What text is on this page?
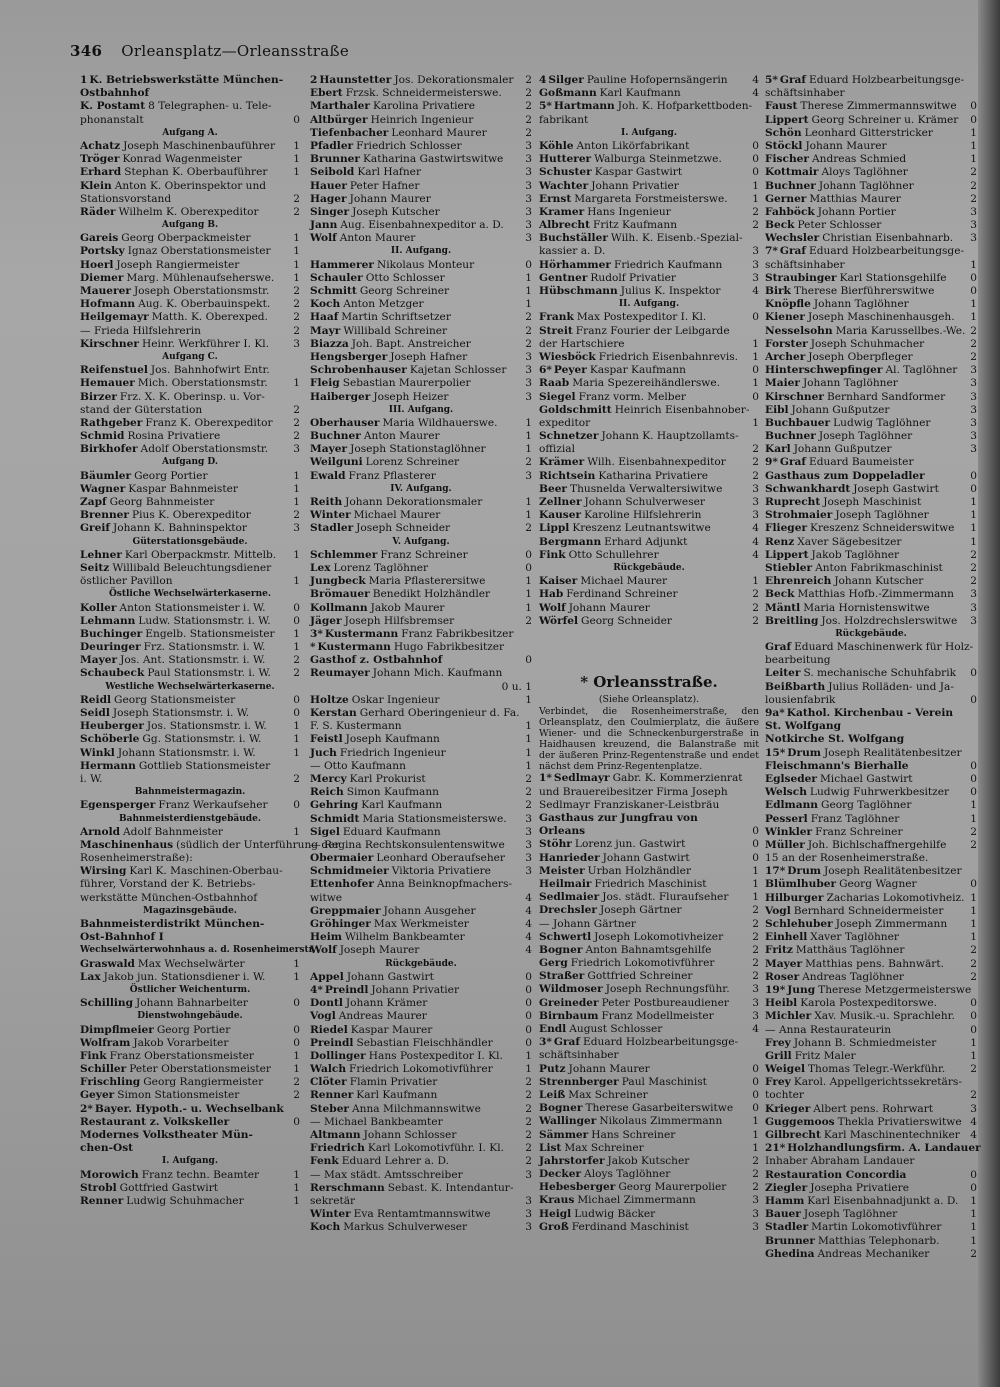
346 Orleansplatz—Orleansstraße
1 K. Betriebswerkstätte München-
Ostbahnhof
K. Postamt 8 Telegraphen- u. Tele-
phonanstalt	0
Aufgang A.
Achatz Joseph Maschinenbauführer	1
Tröger Konrad Wagenmeister	1
Erhard Stephan K. Oberbauführer	1
Klein Anton K. Oberinspektor und
Stationsvorstand	2
Räder Wilhelm K. Oberexpeditor	2
Aufgang B.
Gareis Georg Oberpackmeister	1
Portsky Ignaz Oberstationsmeister	1
Hoerl Joseph Rangiermeister	1
Diemer Marg. Mühlenaufseherswe.	1
Mauerer Joseph Oberstationsmstr.	2
Hofmann Aug. K. Oberbauinspekt.	2
Heilgemayr Matth. K. Oberexped.	2
— Frieda Hilfslehrerin	2
Kirschner Heinr. Werkführer I. Kl.	3
Aufgang C.
Reifenstuel Jos. Bahnhofwirt Entr.
Hemauer Mich. Oberstationsmstr.	1
Birzer Frz. X. K. Oberinsp. u. Vor-
stand der Güterstation	2
Rathgeber Franz K. Oberexpeditor	2
Schmid Rosina Privatiere	2
Birkhofer Adolf Oberstationsmstr.	3
Aufgang D.
Bäumler Georg Portier	1
Wagner Kaspar Bahnmeister	1
Zapf Georg Bahnmeister	1
Brenner Pius K. Oberexpeditor	2
Greif Johann K. Bahninspektor	3
Güterstationsgebäude.
Lehner Karl Oberpackmstr. Mittelb.	1
Seitz Willibald Beleuchtungsdiener
östlicher Pavillon	1
Östliche Wechselwärterkaserne.
Koller Anton Stationsmeister i. W.	0
Lehmann Ludw. Stationsmstr. i. W.	0
Buchinger Engelb. Stationsmeister	1
Deuringer Frz. Stationsmstr. i. W.	1
Mayer Jos. Ant. Stationsmstr. i. W.	2
Schaubeck Paul Stationsmstr. i. W.	2
Westliche Wechselwärterkaserne.
Reidl Georg Stationsmeister	0
Seidl Joseph Stationsmstr. i. W.	0
Heuberger Jos. Stationsmstr. i. W.	1
Schöberle Gg. Stationsmstr. i. W.	1
Winkl Johann Stationsmstr. i. W.	1
Hermann Gottlieb Stationsmeister
i. W.	2
Bahnmeistermagazin.
Egensperger Franz Werkaufseher	0
Bahnmeisterdienstgebäude.
Arnold Adolf Bahnmeister	1
Maschinenhaus (südlich der Unterführung der
Rosenheimerstraße):
Wirsing Karl K. Maschinen-Oberbau-
führer, Vorstand der K. Betriebs-
werkstätte München-Ostbahnhof
Magazinsgebäude.
Bahnmeisterdistrikt München-
Ost-Bahnhof I
Wechselwärterwohnhaus a. d. Rosenheimerstr.
Graswald Max Wechselwärter	1
Lax Jakob jun. Stationsdiener i. W.	1
Östlicher Weichenturm.
Schilling Johann Bahnarbeiter	0
Dienstwohngebäude.
Dimpflmeier Georg Portier	0
Wolfram Jakob Vorarbeiter	0
Fink Franz Oberstationsmeister	1
Schiller Peter Oberstationsmeister	1
Frischling Georg Rangiermeister	2
Geyer Simon Stationsmeister	2
2* Bayer. Hypoth.- u. Wechselbank
Restaurant z. Volkskeller	0
Modernes Volkstheater Mün-
chen-Ost
I. Aufgang.
Morowich Franz techn. Beamter	1
Strobl Gottfried Gastwirt	1
Renner Ludwig Schuhmacher	1
2 Haunstetter Jos. Dekorationsmaler	2
Ebert Frzsk. Schneidermeisterswe.	2
Marthaler Karolina Privatiere	2
Altbürger Heinrich Ingenieur	2
Tiefenbacher Leonhard Maurer	2
Pfadler Friedrich Schlosser	3
Brunner Katharina Gastwirtswitwe	3
Seibold Karl Hafner	3
Hauer Peter Hafner	3
Hager Johann Maurer	3
Singer Joseph Kutscher	3
Jann Aug. Eisenbahnexpeditor a. D.	3
Wolf Anton Maurer	3
II. Aufgang.
Hammerer Nikolaus Monteur	0
Schauler Otto Schlosser	1
Schmitt Georg Schreiner	1
Koch Anton Metzger	1
Haaf Martin Schriftsetzer	2
Mayr Willibald Schreiner	2
Biazza Joh. Bapt. Anstreicher	2
Hengsberger Joseph Hafner	3
Schrobenhauser Kajetan Schlosser	3
Fleig Sebastian Maurerpolier	3
Haiberger Joseph Heizer	3
III. Aufgang.
Oberhauser Maria Wildhauerswe.	1
Buchner Anton Maurer	1
Mayer Joseph Stationstaglöhner	1
Weilguni Lorenz Schreiner	2
Ewald Franz Pflasterer	3
IV. Aufgang.
Reith Johann Dekorationsmaler	1
Winter Michael Maurer	1
Stadler Joseph Schneider	2
V. Aufgang.
Schlemmer Franz Schreiner	0
Lex Lorenz Taglöhner	0
Jungbeck Maria Pflasterersitwe	1
Brömauer Benedikt Holzhändler	1
Kollmann Jakob Maurer	1
Jäger Joseph Hilfsbremser	2
3* Kustermann Franz Fabrikbesitzer
* Kustermann Hugo Fabrikbesitzer
Gasthof z. Ostbahnhof	0
Reumayer Johann Mich. Kaufmann
0 u. 1
Holtze Oskar Ingenieur	1
Kerstan Gerhard Oberingenieur d. Fa.
F. S. Kustermann	1
Feistl Joseph Kaufmann	1
Juch Friedrich Ingenieur	1
— Otto Kaufmann	1
Mercy Karl Prokurist	2
Reich Simon Kaufmann	2
Gehring Karl Kaufmann	2
Schmidt Maria Stationsmeisterswe.	3
Sigel Eduard Kaufmann	3
— Regina Rechtskonsulentenswitwe	3
Obermaier Leonhard Oberaufseher	3
Schmidmeier Viktoria Privatiere	3
Ettenhofer Anna Beinknopfmachers-
witwe	4
Greppmaier Johann Ausgeher	4
Gröhinger Max Werkmeister	4
Heim Wilhelm Bankbeamter	4
Wolf Joseph Maurer	4
Rückgebäude.
Appel Johann Gastwirt	0
4* Preindl Johann Privatier	0
Dontl Johann Krämer	0
Vogl Andreas Maurer	0
Riedel Kaspar Maurer	0
Preindl Sebastian Fleischhändler	0
Dollinger Hans Postexpeditor I. Kl.	1
Walch Friedrich Lokomotivführer	1
Clöter Flamin Privatier	2
Renner Karl Kaufmann	2
Steber Anna Milchmannswitwe	2
— Michael Bankbeamter	2
Altmann Johann Schlosser	2
Friedrich Karl Lokomotivführ. I. Kl.	2
Fenk Eduard Lehrer a. D.	2
— Max städt. Amtsschreiber	3
Rerschmann Sebast. K. Intendantur-
sekretär	3
Winter Eva Rentamtmannswitwe	3
Koch Markus Schulverweser	3
4 Silger Pauline Hofopernsängerin	4
Goßmann Karl Kaufmann	4
5* Hartmann Joh. K. Hofparkettboden-
fabrikant
I. Aufgang.
Köhle Anton Likörfabrikant	0
Hutterer Walburga Steinmetzwe.	0
Schuster Kaspar Gastwirt	0
Wachter Johann Privatier	1
Ernst Margareta Forstmeisterswe.	1
Kramer Hans Ingenieur	2
Albrecht Fritz Kaufmann	2
Buchställer Wilh. K. Eisenb.-Spezial-
kassier a. D.	3
Hörhammer Friedrich Kaufmann	3
Gentner Rudolf Privatier	3
Hübschmann Julius K. Inspektor	4
II. Aufgang.
Frank Max Postexpeditor I. Kl.	0
Streit Franz Fourier der Leibgarde
der Hartschiere	1
Wiesböck Friedrich Eisenbahnrevis.	1
6* Peyer Kaspar Kaufmann	0
Raab Maria Spezereihändlerswe.	1
Siegel Franz vorm. Melber	0
Goldschmitt Heinrich Eisenbahnober-
expeditor	1
Schnetzer Johann K. Hauptzollamts-
offizial	2
Krämer Wilh. Eisenbahnexpeditor	2
Richtsein Katharina Privatiere	2
Beer Thusnelda Verwaltersiwitwe	3
Zellner Johann Schulverweser	3
Kauser Karoline Hilfslehrerin	3
Lippl Kreszenz Leutnantswitwe	4
Bergmann Erhard Adjunkt	4
Fink Otto Schullehrer	4
Rückgebäude.
Kaiser Michael Maurer	1
Hab Ferdinand Schreiner	2
Wolf Johann Maurer	2
Wörfel Georg Schneider	2
* Orleansstraße.
(Siehe Orleansplatz).
Verbindet, die Rosenheimerstraße, den Orleansplatz, den Coulmierplatz, die äußere Wiener- und die Schneckenburgerstraße in Haidhausen kreuzend, die Balanstraße mit der äußeren Prinz-Regentenstraße und endet nächst dem Prinz-Regentenplatze.
1* Sedlmayr Gabr. K. Kommerzienrat
und Brauereibesitzer Firma Joseph
Sedlmayr Franziskaner-Leistbräu
Gasthaus zur Jungfrau von
Orleans	0
Stöhr Lorenz jun. Gastwirt	0
Hanrieder Johann Gastwirt	0
Meister Urban Holzhändler	1
Heilmair Friedrich Maschinist	1
Sedlmaier Jos. städt. Fluraufseher	1
Drechsler Joseph Gärtner	2
— Johann Gärtner	2
Schwertl Joseph Lokomotivheizer	2
Bogner Anton Bahnamtsgehilfe	2
Gerg Friedrich Lokomotivführer	2
Straßer Gottfried Schreiner	2
Wildmoser Joseph Rechnungsführ.	3
Greineder Peter Postbureaudiener	3
Birnbaum Franz Modellmeister	3
Endl August Schlosser	4
3* Graf Eduard Holzbearbeitungsge-
schäftsinhaber
Putz Johann Maurer	0
Strennberger Paul Maschinist	0
Leiß Max Schreiner	0
Bogner Therese Gasarbeiterswitwe	0
Wallinger Nikolaus Zimmermann	1
Sämmer Hans Schreiner	1
List Max Schreiner	1
Jahrstorfer Jakob Kutscher	2
Decker Aloys Taglöhner	2
Hebesberger Georg Maurerpolier	2
Kraus Michael Zimmermann	3
Heigl Ludwig Bäcker	3
Groß Ferdinand Maschinist	3
5* Graf Eduard Holzbearbeitungsge-
schäftsinhaber
Faust Therese Zimmermannswitwe	0
Lippert Georg Schreiner u. Krämer	0
Schön Leonhard Gitterstricker	1
Stöckl Johann Maurer	1
Fischer Andreas Schmied	1
Kottmair Aloys Taglöhner	2
Buchner Johann Taglöhner	2
Gerner Matthias Maurer	2
Fahböck Johann Portier	3
Beck Peter Schlosser	3
Wechsler Christian Eisenbahnarb.	3
7* Graf Eduard Holzbearbeitungsge-
schäftsinhaber	1
Straubinger Karl Stationsgehilfe	0
Birk Therese Bierführerswitwe	0
Knöpfle Johann Taglöhner	1
Kiener Joseph Maschinenhausgeh.	1
Nesselsohn Maria Karussellbes.-We. 2
Forster Joseph Schuhmacher	2
Archer Joseph Oberpfleger	2
Hinterschwepfinger Al. Taglöhner	3
Maier Johann Taglöhner	3
Kirschner Bernhard Sandformer	3
Eibl Johann Gußputzer	3
Buchbauer Ludwig Taglöhner	3
Buchner Joseph Taglöhner	3
Karl Johann Gußputzer	3
9* Graf Eduard Baumeister
Gasthaus zum Doppeladler	0
Schwankhardt Joseph Gastwirt	0
Ruprecht Joseph Maschinist	1
Strohmaier Joseph Taglöhner	1
Flieger Kreszenz Schneiderswitwe	1
Renz Xaver Sägebesitzer	1
Lippert Jakob Taglöhner	2
Stiebler Anton Fabrikmaschinist	2
Ehrenreich Johann Kutscher	2
Beck Matthias Hofb.-Zimmermann	3
Mäntl Maria Hornistenswitwe	3
Breitling Jos. Holzdrechslerswitwe	3
Rückgebäude.
Graf Eduard Maschinenwerk für Holz-
bearbeitung
Leiter S. mechanische Schuhfabrik	0
Beißbarth Julius Rolläden- und Ja-
lousienfabrik	0
9a* Kathol. Kirchenbau - Verein
St. Wolfgang
Notkirche St. Wolfgang
15* Drum Joseph Realitätenbesitzer
Fleischmann's Bierhalle	0
Eglseder Michael Gastwirt	0
Welsch Ludwig Fuhrwerkbesitzer	0
Edlmann Georg Taglöhner	1
Pesserl Franz Taglöhner	1
Winkler Franz Schreiner	2
Müller Joh. Bichlschaffnergehilfe	2
15 an der Rosenheimerstraße.
17* Drum Joseph Realitätenbesitzer
Blümlhuber Georg Wagner	0
Hilburger Zacharias Lokomotivheiz. 1
Vogl Bernhard Schneidermeister	1
Schlehuber Joseph Zimmermann	1
Einhell Xaver Taglöhner	1
Fritz Matthäus Taglöhner	2
Mayer Matthias pens. Bahnwärt.	2
Roser Andreas Taglöhner	2
19* Jung Therese Metzgermeisterswe
Heibl Karola Postexpeditorswe.	0
Michler Xav. Musik.-u. Sprachlehr.	0
— Anna Restaurateurin	0
Frey Johann B. Schmiedmeister	1
Grill Fritz Maler	1
Weigel Thomas Telegr.-Werkführ.	2
Frey Karol. Appellgerichtssekretärs-
tochter	2
Krieger Albert pens. Rohrwart	3
Guggemoos Thekla Privatierswitwe 4
Gilbrecht Karl Maschinentechniker 4
21* Holzhandlungsfirm. A. Landauer
Inhaber Abraham Landauer
Restauration Concordia	0
Ziegler Josepha Privatiere	0
Hamm Karl Eisenbahnadjunkt a. D.	1
Bauer Joseph Taglöhner	1
Stadler Martin Lokomotivführer	1
Brunner Matthias Telephonarb.	1
Ghedina Andreas Mechaniker	2
